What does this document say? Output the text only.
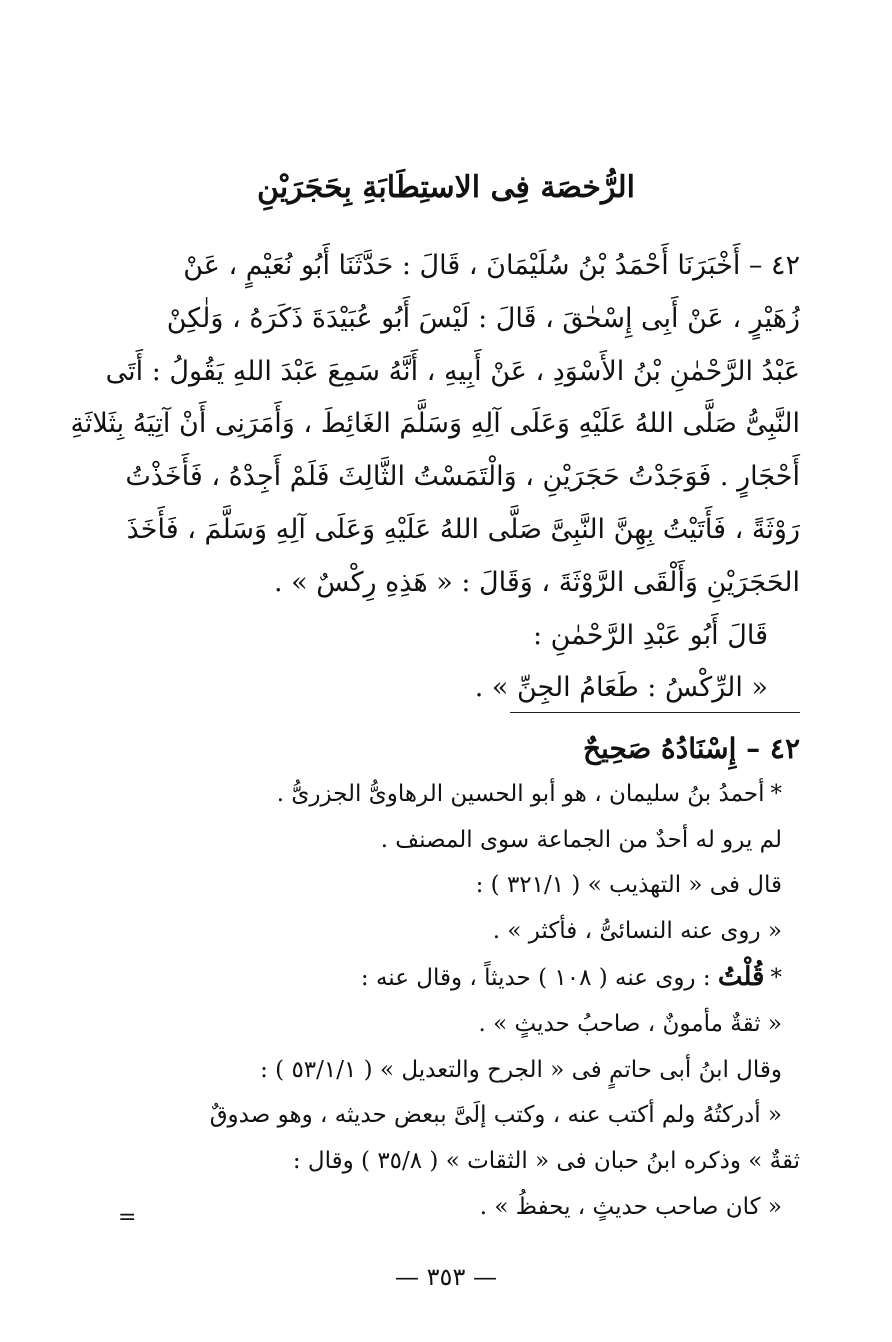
الرُّخصَة فِى الاستِطَابَةِ بِحَجَرَيْنِ

٤٢ – أَخْبَرَنَا أَحْمَدُ بْنُ سُلَيْمَانَ ، قَالَ : حَدَّثَنَا أَبُو نُعَيْمٍ ، عَنْ
زُهَيْرٍ ، عَنْ أَبِى إِسْحٰقَ ، قَالَ : لَيْسَ أَبُو عُبَيْدَةَ ذَكَرَهُ ، وَلٰكِنْ
عَبْدُ الرَّحْمٰنِ بْنُ الأَسْوَدِ ، عَنْ أَبِيهِ ، أَنَّهُ سَمِعَ عَبْدَ اللهِ يَقُولُ : أَتَى
النَّبِىُّ صَلَّى اللهُ عَلَيْهِ وَعَلَى آلِهِ وَسَلَّمَ الغَائِطَ ، وَأَمَرَنِى أَنْ آتِيَهُ بِثَلاثَةِ
أَحْجَارٍ . فَوَجَدْتُ حَجَرَيْنِ ، وَالْتَمَسْتُ الثَّالِثَ فَلَمْ أَجِدْهُ ، فَأَخَذْتُ
رَوْثَةً ، فَأَتَيْتُ بِهِنَّ النَّبِىَّ صَلَّى اللهُ عَلَيْهِ وَعَلَى آلِهِ وَسَلَّمَ ، فَأَخَذَ
الحَجَرَيْنِ وَأَلْقَى الرَّوْثَةَ ، وَقَالَ : « هَذِهِ رِكْسٌ » .
قَالَ أَبُو عَبْدِ الرَّحْمٰنِ :
« الرِّكْسُ : طَعَامُ الجِنِّ » .

٤٢ – إِسْنَادُهُ صَحِيحٌ
*أحمدُ بنُ سليمان ، هو أبو الحسين الرهاوىُّ الجزرىُّ .
لم يرو له أحدٌ من الجماعة سوى المصنف .
قال فى « التهذيب » ( ٣٢١/١ ) :
« روى عنه النسائىُّ ، فأكثر » .
*قُلْتُ : روى عنه ( ١٠٨ ) حديثاً ، وقال عنه :
« ثقةٌ مأمونٌ ، صاحبُ حديثٍ » .
وقال ابنُ أبى حاتمٍ فى « الجرح والتعديل » ( ٥٣/١/١ ) :
« أدركتُهُ ولم أكتب عنه ، وكتب إلَىَّ ببعض حديثه ، وهو صدوقٌ
ثقةٌ » وذكره ابنُ حبان فى « الثقات » ( ٣٥/٨ ) وقال :
« كان صاحب حديثٍ ، يحفظُ » .
=
— ٣٥٣ —
